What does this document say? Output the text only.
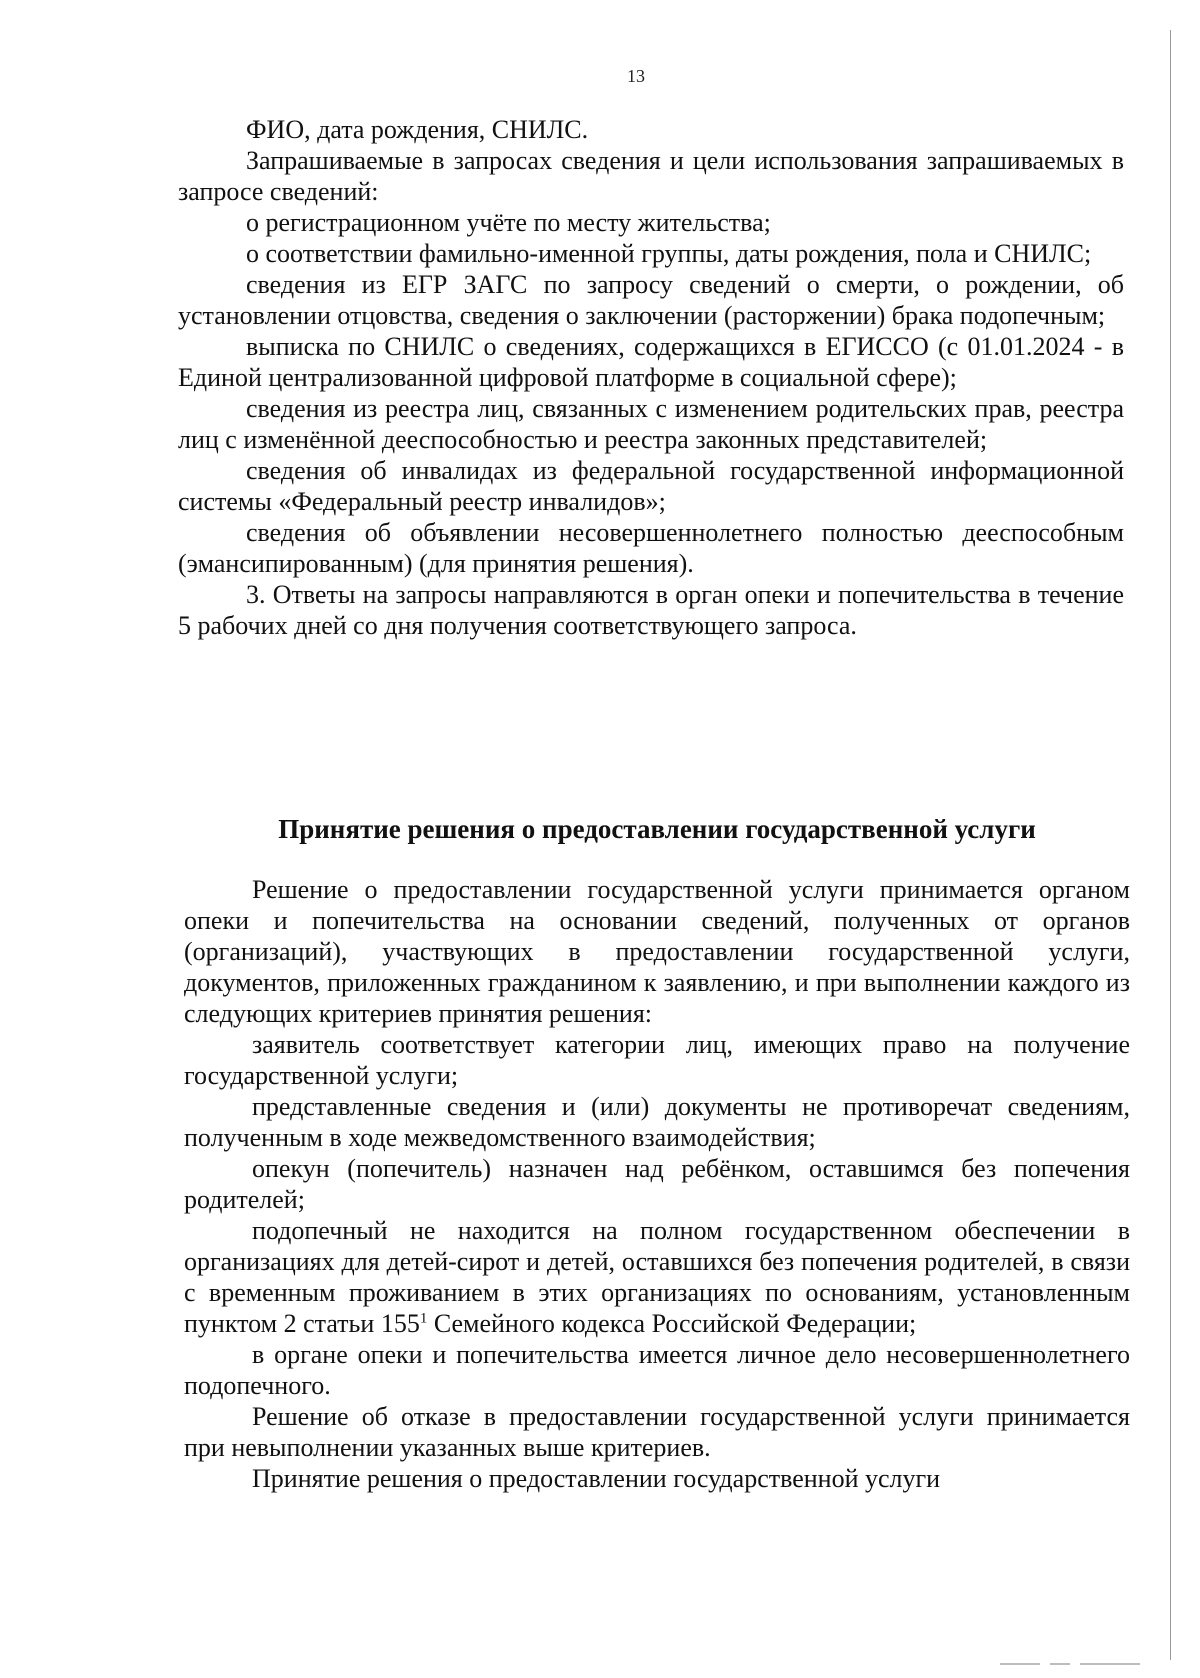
13

ФИО, дата рождения, СНИЛС.

Запрашиваемые в запросах сведения и цели использования запрашиваемых в запросе сведений:

о регистрационном учёте по месту жительства;

о соответствии фамильно-именной группы, даты рождения, пола и СНИЛС;

сведения из ЕГР ЗАГС по запросу сведений о смерти, о рождении, об установлении отцовства, сведения о заключении (расторжении) брака подопечным;

выписка по СНИЛС о сведениях, содержащихся в ЕГИССО (с 01.01.2024 - в Единой централизованной цифровой платформе в социальной сфере);

сведения из реестра лиц, связанных с изменением родительских прав, реестра лиц с изменённой дееспособностью и реестра законных представителей;

сведения об инвалидах из федеральной государственной информационной системы «Федеральный реестр инвалидов»;

сведения об объявлении несовершеннолетнего полностью дееспособным (эмансипированным) (для принятия решения).

3. Ответы на запросы направляются в орган опеки и попечительства в течение 5 рабочих дней со дня получения соответствующего запроса.

Принятие решения о предоставлении государственной услуги

Решение о предоставлении государственной услуги принимается органом опеки и попечительства на основании сведений, полученных от органов (организаций), участвующих в предоставлении государственной услуги, документов, приложенных гражданином к заявлению, и при выполнении каждого из следующих критериев принятия решения:

заявитель соответствует категории лиц, имеющих право на получение государственной услуги;

представленные сведения и (или) документы не противоречат сведениям, полученным в ходе межведомственного взаимодействия;

опекун (попечитель) назначен над ребёнком, оставшимся без попечения родителей;

подопечный не находится на полном государственном обеспечении в организациях для детей-сирот и детей, оставшихся без попечения родителей, в связи с временным проживанием в этих организациях по основаниям, установленным пунктом 2 статьи $155^1$ Семейного кодекса Российской Федерации;

в органе опеки и попечительства имеется личное дело несовершеннолетнего подопечного.

Решение об отказе в предоставлении государственной услуги принимается при невыполнении указанных выше критериев.

Принятие решения о предоставлении государственной услуги
